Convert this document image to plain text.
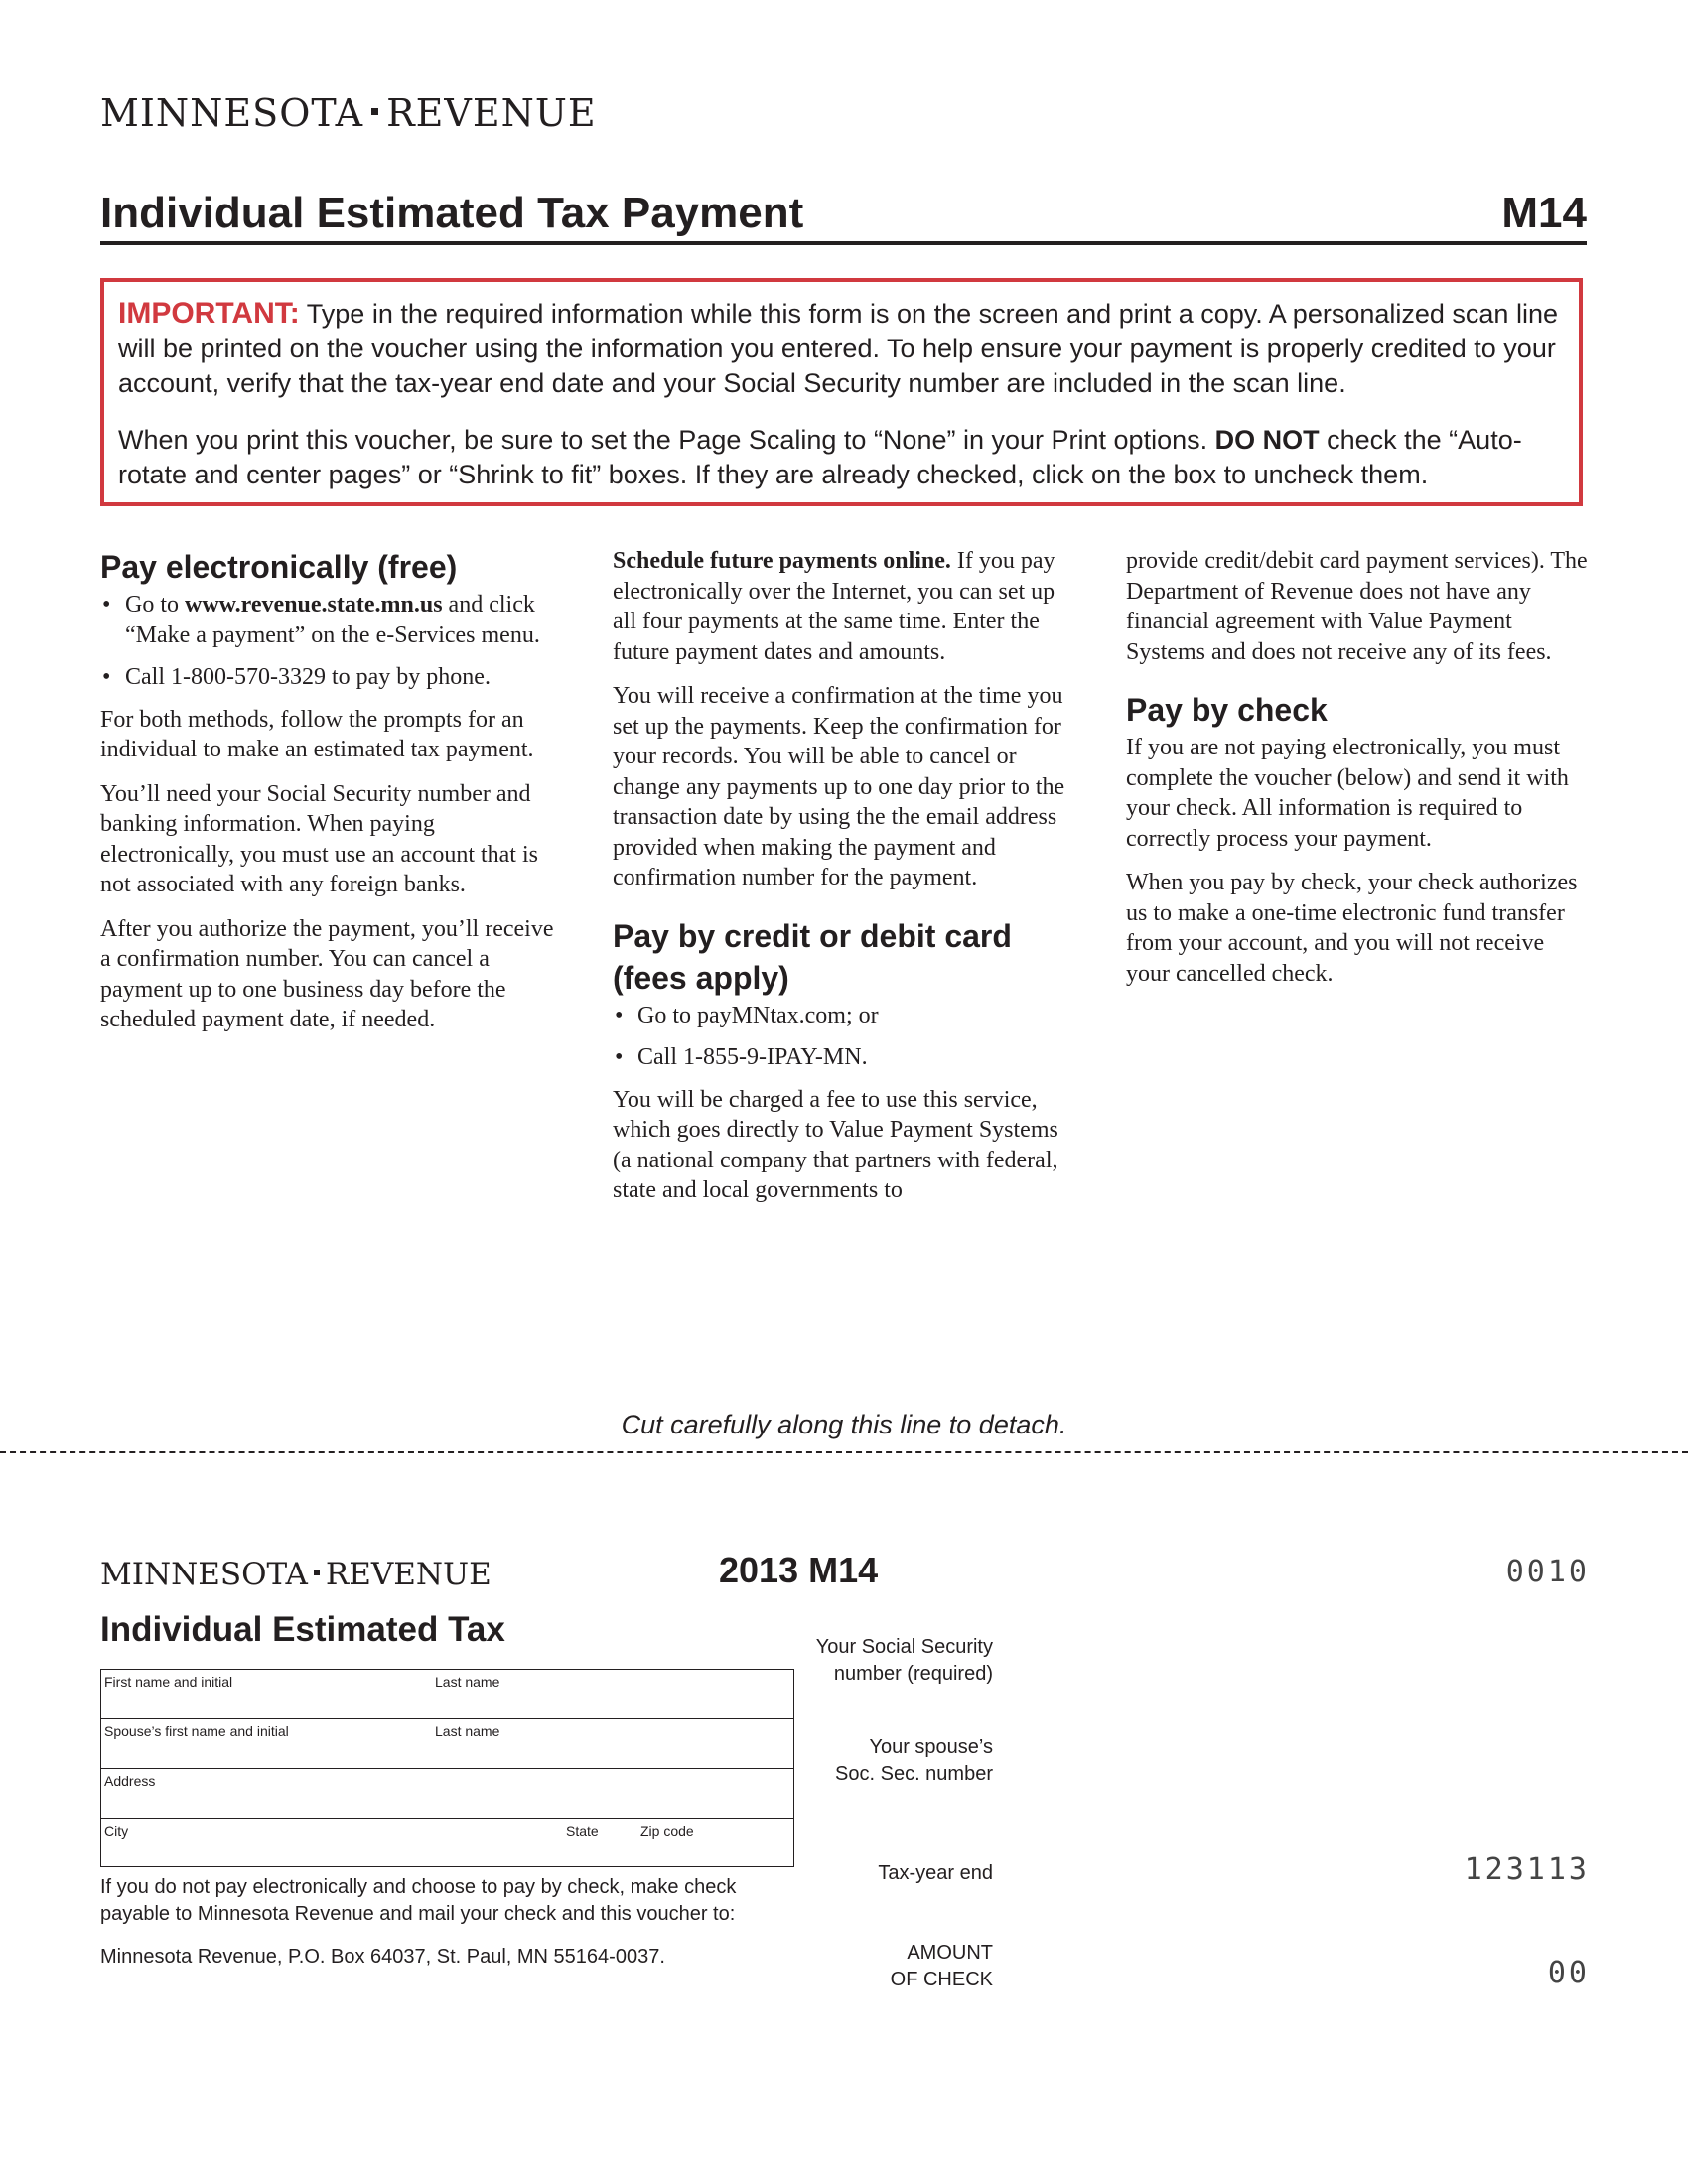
MINNESOTA REVENUE
Individual Estimated Tax Payment	M14

IMPORTANT: Type in the required information while this form is on the screen and print a copy. A personalized scan line will be printed on the voucher using the information you entered. To help ensure your payment is properly credited to your account, verify that the tax-year end date and your Social Security number are included in the scan line.

When you print this voucher, be sure to set the Page Scaling to “None” in your Print options. DO NOT check the “Auto-rotate and center pages” or “Shrink to fit” boxes. If they are already checked, click on the box to uncheck them.

Pay electronically (free)
• Go to www.revenue.state.mn.us and click “Make a payment” on the e-Services menu.
• Call 1-800-570-3329 to pay by phone.

For both methods, follow the prompts for an individual to make an estimated tax payment.

You’ll need your Social Security number and banking information. When paying electronically, you must use an account that is not associated with any foreign banks.

After you authorize the payment, you’ll receive a confirmation number. You can cancel a payment up to one business day before the scheduled payment date, if needed.

Schedule future payments online. If you pay electronically over the Internet, you can set up all four payments at the same time. Enter the future payment dates and amounts.

You will receive a confirmation at the time you set up the payments. Keep the confirmation for your records. You will be able to cancel or change any payments up to one day prior to the transaction date by using the the email address provided when making the payment and confirmation number for the payment.

Pay by credit or debit card (fees apply)
• Go to payMNtax.com; or
• Call 1-855-9-IPAY-MN.

You will be charged a fee to use this service, which goes directly to Value Payment Systems (a national company that partners with federal, state and local governments to

provide credit/debit card payment services). The Department of Revenue does not have any financial agreement with Value Payment Systems and does not receive any of its fees.

Pay by check

If you are not paying electronically, you must complete the voucher (below) and send it with your check. All information is required to correctly process your payment.

When you pay by check, your check authorizes us to make a one-time electronic fund transfer from your account, and you will not receive your cancelled check.

Cut carefully along this line to detach.
MINNESOTA REVENUE
Individual Estimated Tax
2013 M14	0010
First name and initial	Last name
Spouse’s first name and initial	Last name
Address
City	State	Zip code
Your Social Security
number (required)
Your spouse’s
Soc. Sec. number
Tax-year end	123113
AMOUNT
OF CHECK	00
If you do not pay electronically and choose to pay by check, make check payable to Minnesota Revenue and mail your check and this voucher to:
Minnesota Revenue, P.O. Box 64037, St. Paul, MN 55164-0037.
